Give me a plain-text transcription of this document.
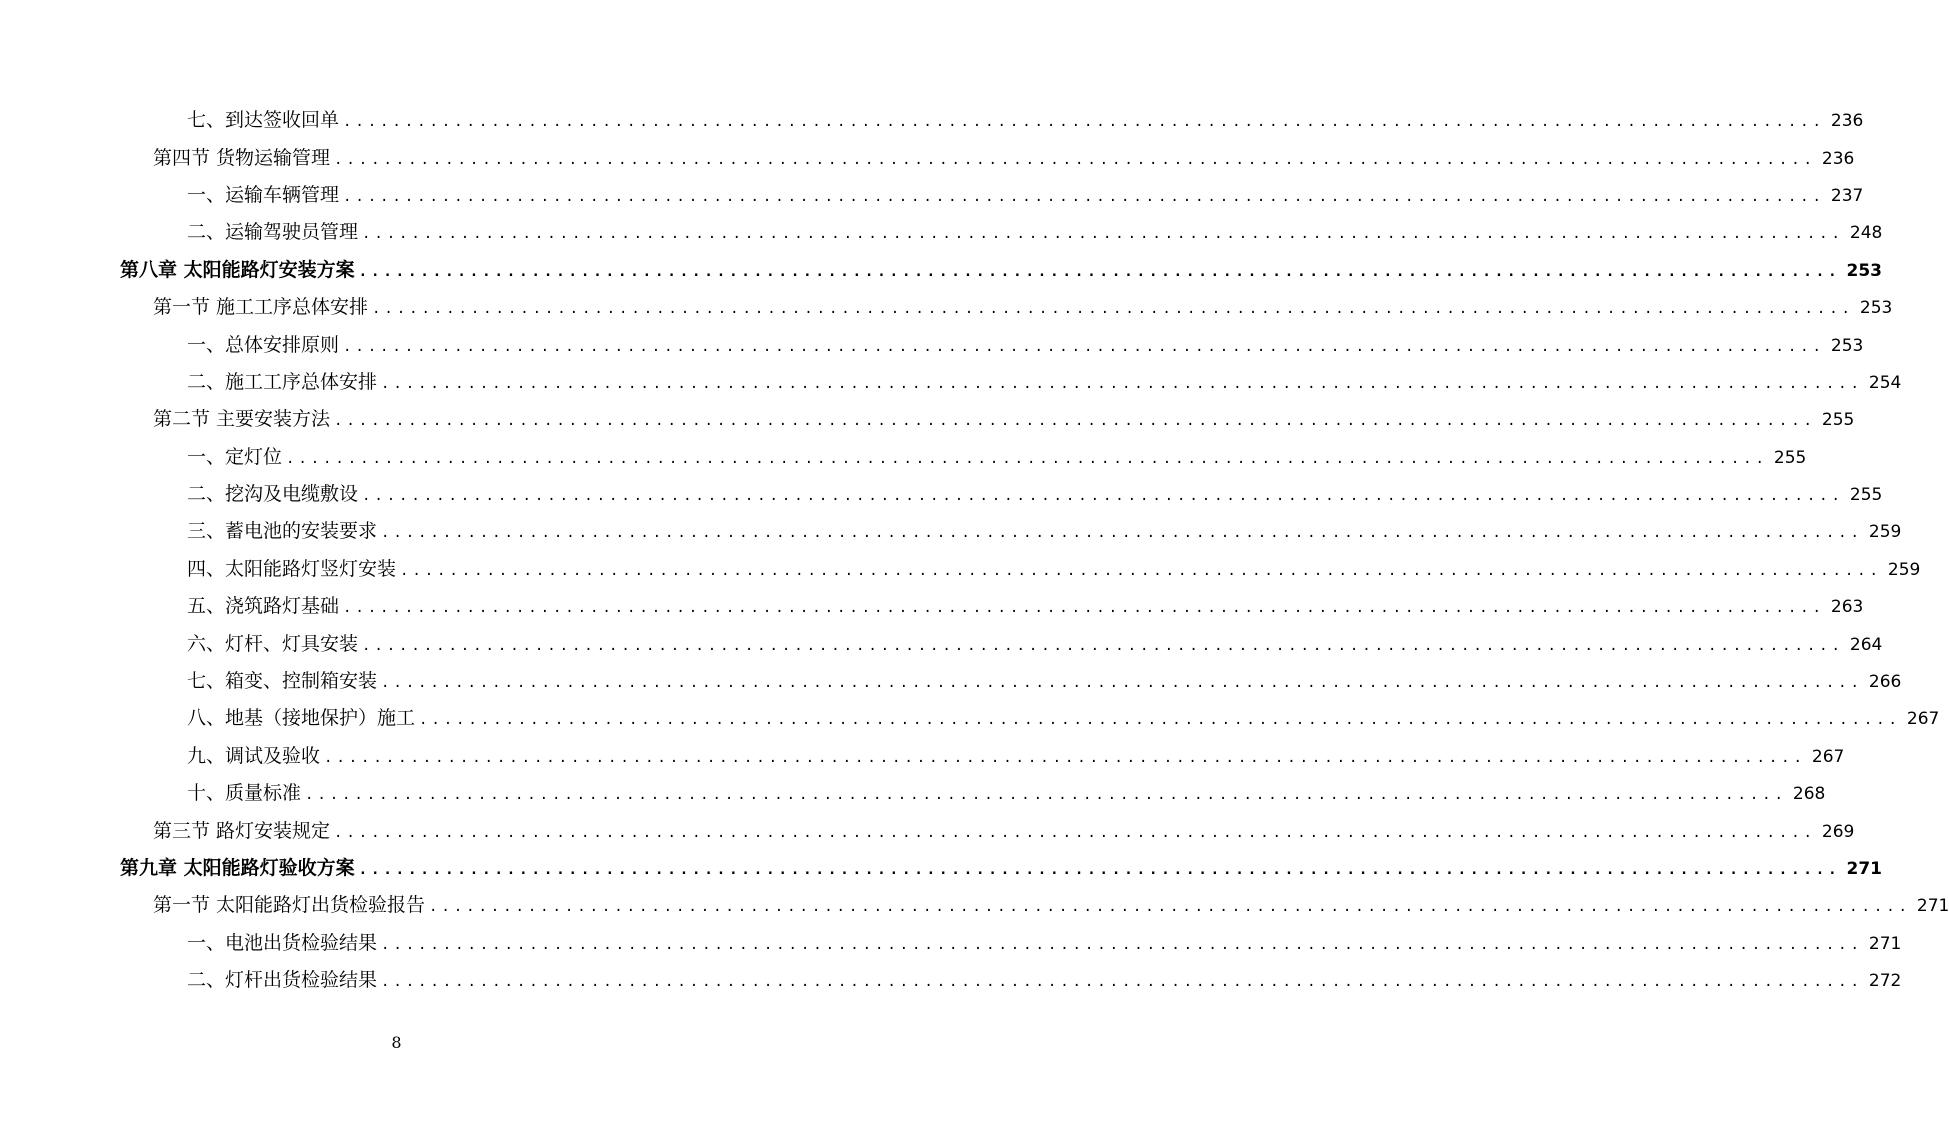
七、到达签收回单 ........................................................................................................................ 236
第四节 货物运输管理 ........................................................................................................................ 236
一、运输车辆管理 ........................................................................................................................ 237
二、运输驾驶员管理 ........................................................................................................................ 248
第八章 太阳能路灯安装方案 ........................................................................................................................ 253
第一节 施工工序总体安排 ........................................................................................................................ 253
一、总体安排原则 ........................................................................................................................ 253
二、施工工序总体安排 ........................................................................................................................ 254
第二节 主要安装方法 ........................................................................................................................ 255
一、定灯位 ........................................................................................................................ 255
二、挖沟及电缆敷设 ........................................................................................................................ 255
三、蓄电池的安装要求 ........................................................................................................................ 259
四、太阳能路灯竖灯安装 ........................................................................................................................ 259
五、浇筑路灯基础 ........................................................................................................................ 263
六、灯杆、灯具安装 ........................................................................................................................ 264
七、箱变、控制箱安装 ........................................................................................................................ 266
八、地基（接地保护）施工 ........................................................................................................................ 267
九、调试及验收 ........................................................................................................................ 267
十、质量标准 ........................................................................................................................ 268
第三节 路灯安装规定 ........................................................................................................................ 269
第九章 太阳能路灯验收方案 ........................................................................................................................ 271
第一节 太阳能路灯出货检验报告 ........................................................................................................................ 271
一、电池出货检验结果 ........................................................................................................................ 271
二、灯杆出货检验结果 ........................................................................................................................ 272
8
